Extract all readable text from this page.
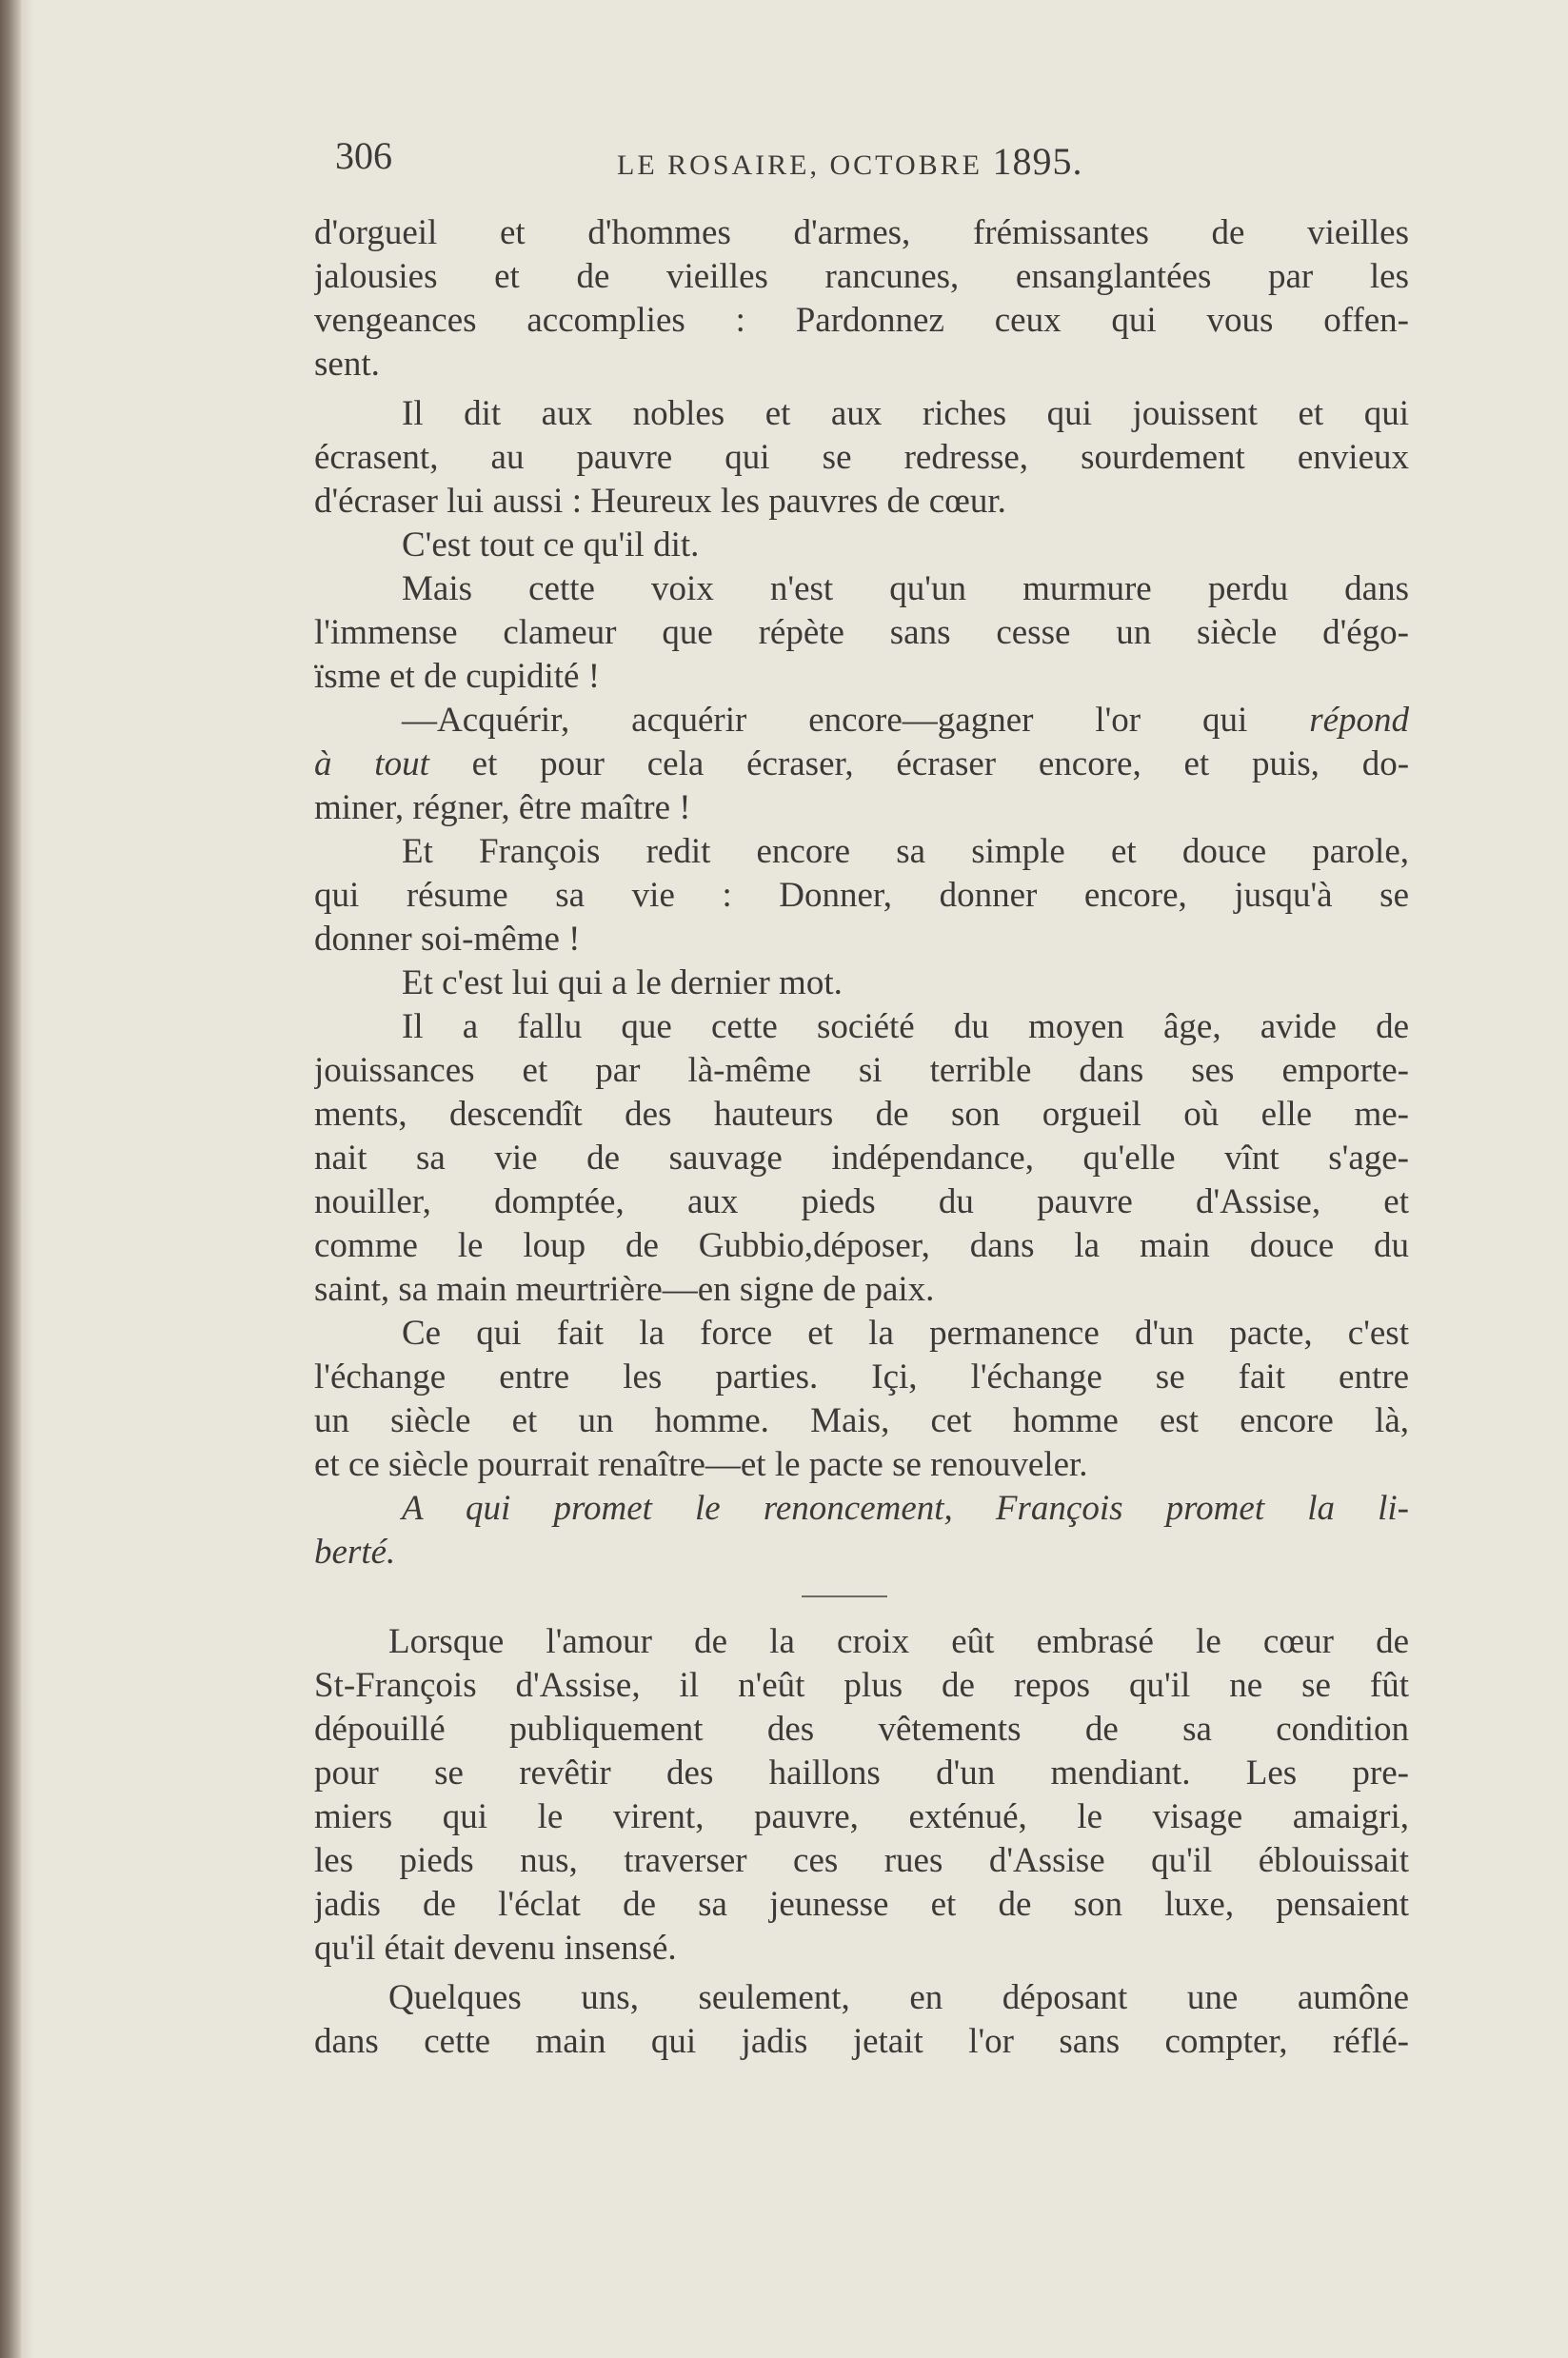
306	LE ROSAIRE, OCTOBRE 1895.
d'orgueil et d'hommes d'armes, frémissantes de vieilles
jalousies et de vieilles rancunes, ensanglantées par les
vengeances accomplies : Pardonnez ceux qui vous offen-
sent.
Il dit aux nobles et aux riches qui jouissent et qui
écrasent, au pauvre qui se redresse, sourdement envieux
d'écraser lui aussi : Heureux les pauvres de cœur.
C'est tout ce qu'il dit.
Mais cette voix n'est qu'un murmure perdu dans
l'immense clameur que répète sans cesse un siècle d'égo-
ïsme et de cupidité !
—Acquérir, acquérir encore—gagner l'or qui répond
à tout et pour cela écraser, écraser encore, et puis, do-
miner, régner, être maître !
Et François redit encore sa simple et douce parole,
qui résume sa vie : Donner, donner encore, jusqu'à se
donner soi-même !
Et c'est lui qui a le dernier mot.
Il a fallu que cette société du moyen âge, avide de
jouissances et par là-même si terrible dans ses emporte-
ments, descendît des hauteurs de son orgueil où elle me-
nait sa vie de sauvage indépendance, qu'elle vînt s'age-
nouiller, domptée, aux pieds du pauvre d'Assise, et
comme le loup de Gubbio,déposer, dans la main douce du
saint, sa main meurtrière—en signe de paix.
Ce qui fait la force et la permanence d'un pacte, c'est
l'échange entre les parties. Içi, l'échange se fait entre
un siècle et un homme. Mais, cet homme est encore là,
et ce siècle pourrait renaître—et le pacte se renouveler.
A qui promet le renoncement, François promet la li-
berté.
Lorsque l'amour de la croix eût embrasé le cœur de
St-François d'Assise, il n'eût plus de repos qu'il ne se fût
dépouillé publiquement des vêtements de sa condition
pour se revêtir des haillons d'un mendiant. Les pre-
miers qui le virent, pauvre, exténué, le visage amaigri,
les pieds nus, traverser ces rues d'Assise qu'il éblouissait
jadis de l'éclat de sa jeunesse et de son luxe, pensaient
qu'il était devenu insensé.
Quelques uns, seulement, en déposant une aumône
dans cette main qui jadis jetait l'or sans compter, réflé-
